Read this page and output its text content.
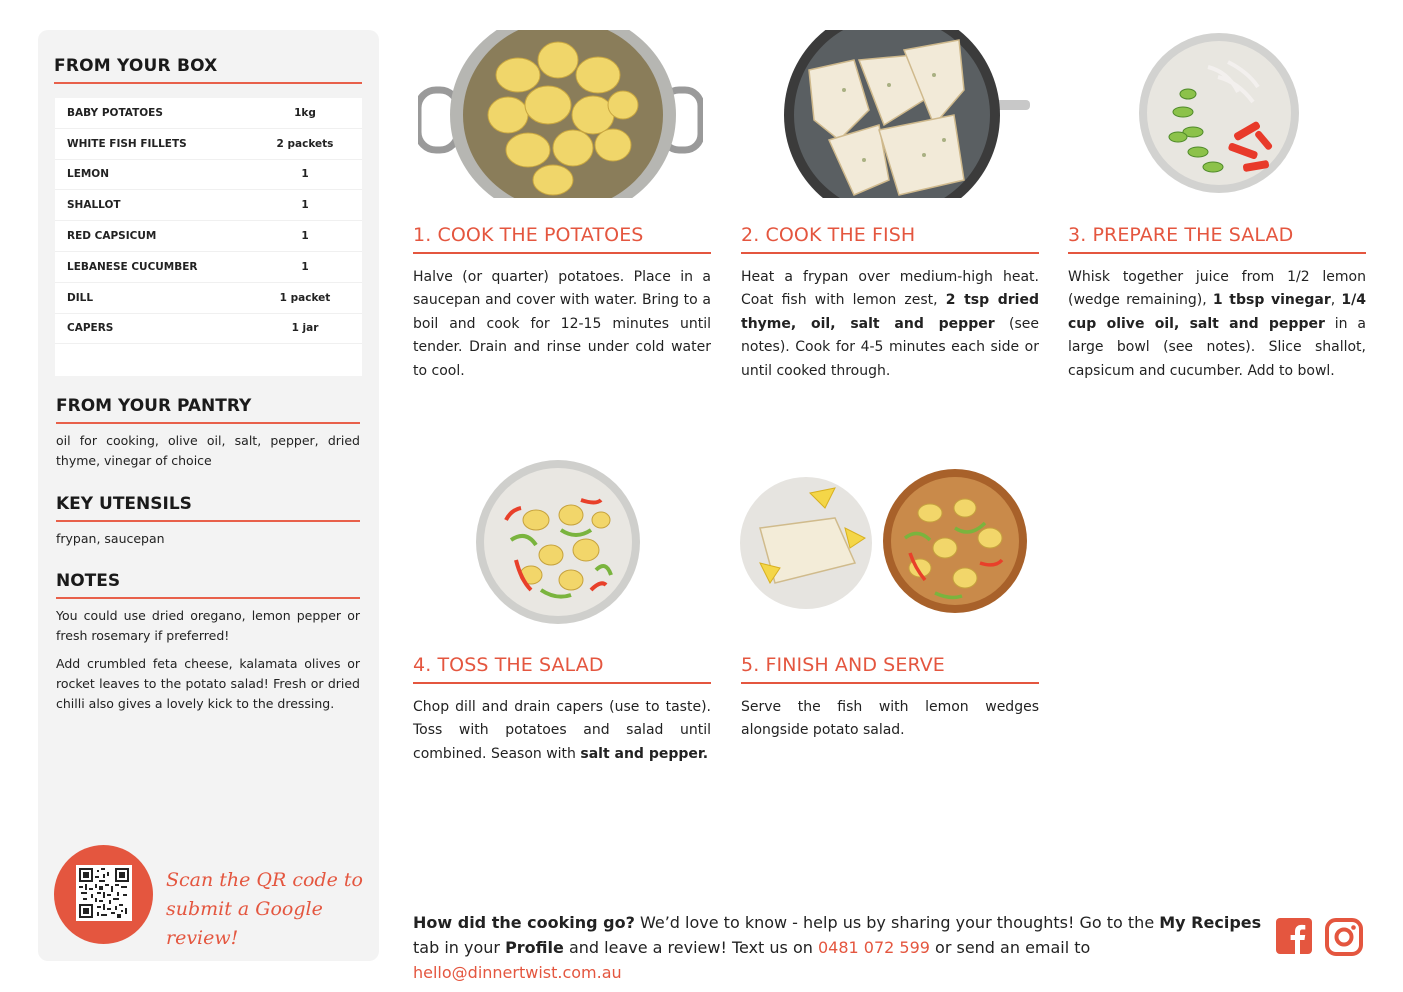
FROM YOUR BOX
BABY POTATOES	1kg
WHITE FISH FILLETS	2 packets
LEMON	1
SHALLOT	1
RED CAPSICUM	1
LEBANESE CUCUMBER	1
DILL	1 packet
CAPERS	1 jar
FROM YOUR PANTRY
oil for cooking, olive oil, salt, pepper, dried thyme, vinegar of choice
KEY UTENSILS
frypan, saucepan
NOTES
You could use dried oregano, lemon pepper or fresh rosemary if preferred!
Add crumbled feta cheese, kalamata olives or rocket leaves to the potato salad! Fresh or dried chilli also gives a lovely kick to the dressing.
Scan the QR code to
submit a Google review!
1. COOK THE POTATOES
Halve (or quarter) potatoes. Place in a saucepan and cover with water. Bring to a boil and cook for 12-15 minutes until tender. Drain and rinse under cold water to cool.
2. COOK THE FISH
Heat a frypan over medium-high heat. Coat fish with lemon zest, 2 tsp dried thyme, oil, salt and pepper (see notes). Cook for 4-5 minutes each side or until cooked through.
3. PREPARE THE SALAD
Whisk together juice from 1/2 lemon (wedge remaining), 1 tbsp vinegar, 1/4 cup olive oil, salt and pepper in a large bowl (see notes). Slice shallot, capsicum and cucumber. Add to bowl.
4. TOSS THE SALAD
Chop dill and drain capers (use to taste). Toss with potatoes and salad until combined. Season with salt and pepper.
5. FINISH AND SERVE
Serve the fish with lemon wedges alongside potato salad.
How did the cooking go? We’d love to know - help us by sharing your thoughts! Go to the My Recipes tab in your Profile and leave a review! Text us on 0481 072 599 or send an email to hello@dinnertwist.com.au
